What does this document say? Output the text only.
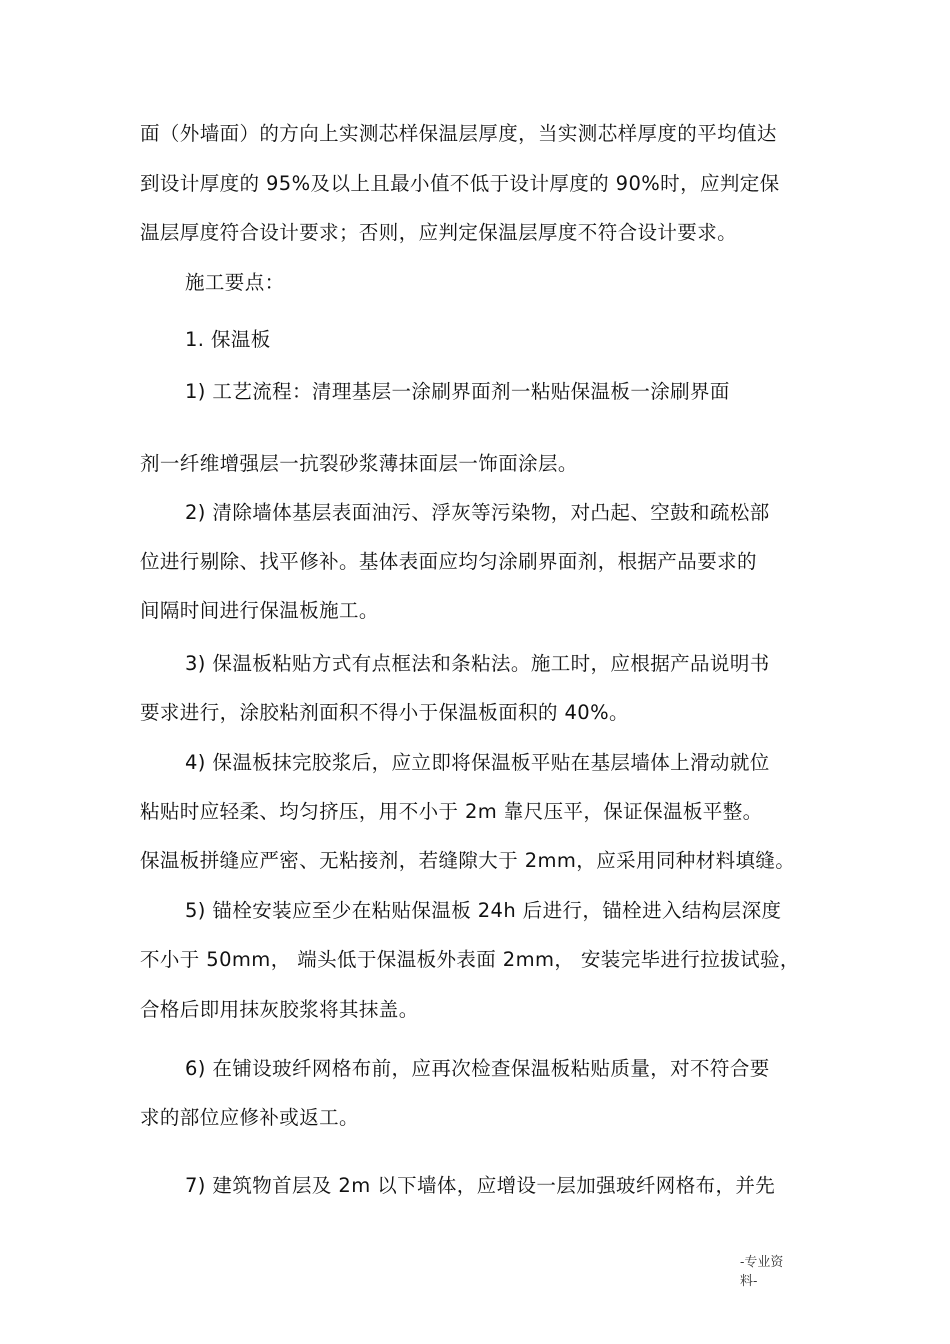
面（外墙面）的方向上实测芯样保温层厚度，当实测芯样厚度的平均值达

到设计厚度的 95%及以上且最小值不低于设计厚度的 90%时，应判定保

温层厚度符合设计要求；否则，应判定保温层厚度不符合设计要求。

施工要点：

1. 保温板

1) 工艺流程：清理基层一涂刷界面剂一粘贴保温板一涂刷界面

剂一纤维增强层一抗裂砂浆薄抹面层一饰面涂层。

2) 清除墙体基层表面油污、浮灰等污染物，对凸起、空鼓和疏松部

位进行剔除、找平修补。基体表面应均匀涂刷界面剂，根据产品要求的

间隔时间进行保温板施工。

3) 保温板粘贴方式有点框法和条粘法。施工时，应根据产品说明书

要求进行，涂胶粘剂面积不得小于保温板面积的 40%。

4) 保温板抹完胶浆后，应立即将保温板平贴在基层墙体上滑动就位

粘贴时应轻柔、均匀挤压，用不小于 2m 靠尺压平，保证保温板平整。

保温板拼缝应严密、无粘接剂，若缝隙大于 2mm，应采用同种材料填缝。

5) 锚栓安装应至少在粘贴保温板 24h 后进行，锚栓进入结构层深度

不小于 50mm， 端头低于保温板外表面 2mm， 安装完毕进行拉拔试验，

合格后即用抹灰胶浆将其抹盖。

6) 在铺设玻纤网格布前，应再次检查保温板粘贴质量，对不符合要

求的部位应修补或返工。

7) 建筑物首层及 2m 以下墙体，应增设一层加强玻纤网格布，并先

-专业资
料-
